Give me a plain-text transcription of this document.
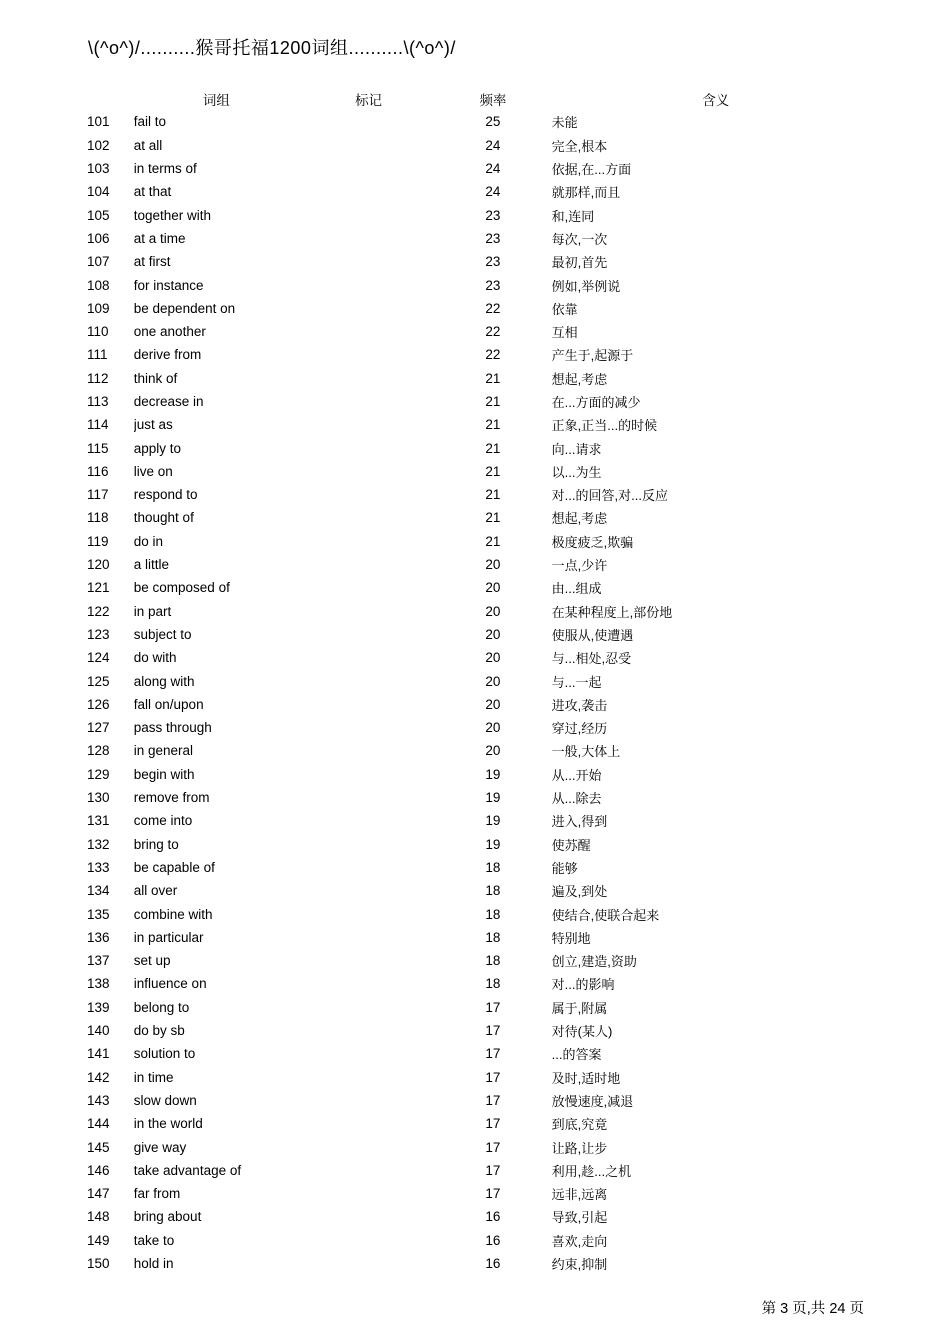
\(^o^)/..........猴哥托福1200词组..........\(^o^)/
词组	标记	频率	含义
101	fail to	25	未能
102	at all	24	完全,根本
103	in terms of	24	依据,在...方面
104	at that	24	就那样,而且
105	together with	23	和,连同
106	at a time	23	每次,一次
107	at first	23	最初,首先
108	for instance	23	例如,举例说
109	be dependent on	22	依靠
110	one another	22	互相
111	derive from	22	产生于,起源于
112	think of	21	想起,考虑
113	decrease in	21	在...方面的减少
114	just as	21	正象,正当...的时候
115	apply to	21	向...请求
116	live on	21	以...为生
117	respond to	21	对...的回答,对...反应
118	thought of	21	想起,考虑
119	do in	21	极度疲乏,欺骗
120	a little	20	一点,少许
121	be composed of	20	由...组成
122	in part	20	在某种程度上,部份地
123	subject to	20	使服从,使遭遇
124	do with	20	与...相处,忍受
125	along with	20	与...一起
126	fall on/upon	20	进攻,袭击
127	pass through	20	穿过,经历
128	in general	20	一般,大体上
129	begin with	19	从...开始
130	remove from	19	从...除去
131	come into	19	进入,得到
132	bring to	19	使苏醒
133	be capable of	18	能够
134	all over	18	遍及,到处
135	combine with	18	使结合,使联合起来
136	in particular	18	特别地
137	set up	18	创立,建造,资助
138	influence on	18	对...的影响
139	belong to	17	属于,附属
140	do by sb	17	对待(某人)
141	solution to	17	...的答案
142	in time	17	及时,适时地
143	slow down	17	放慢速度,减退
144	in the world	17	到底,究竟
145	give way	17	让路,让步
146	take advantage of	17	利用,趁...之机
147	far from	17	远非,远离
148	bring about	16	导致,引起
149	take to	16	喜欢,走向
150	hold in	16	约束,抑制
第 3 页,共 24 页
